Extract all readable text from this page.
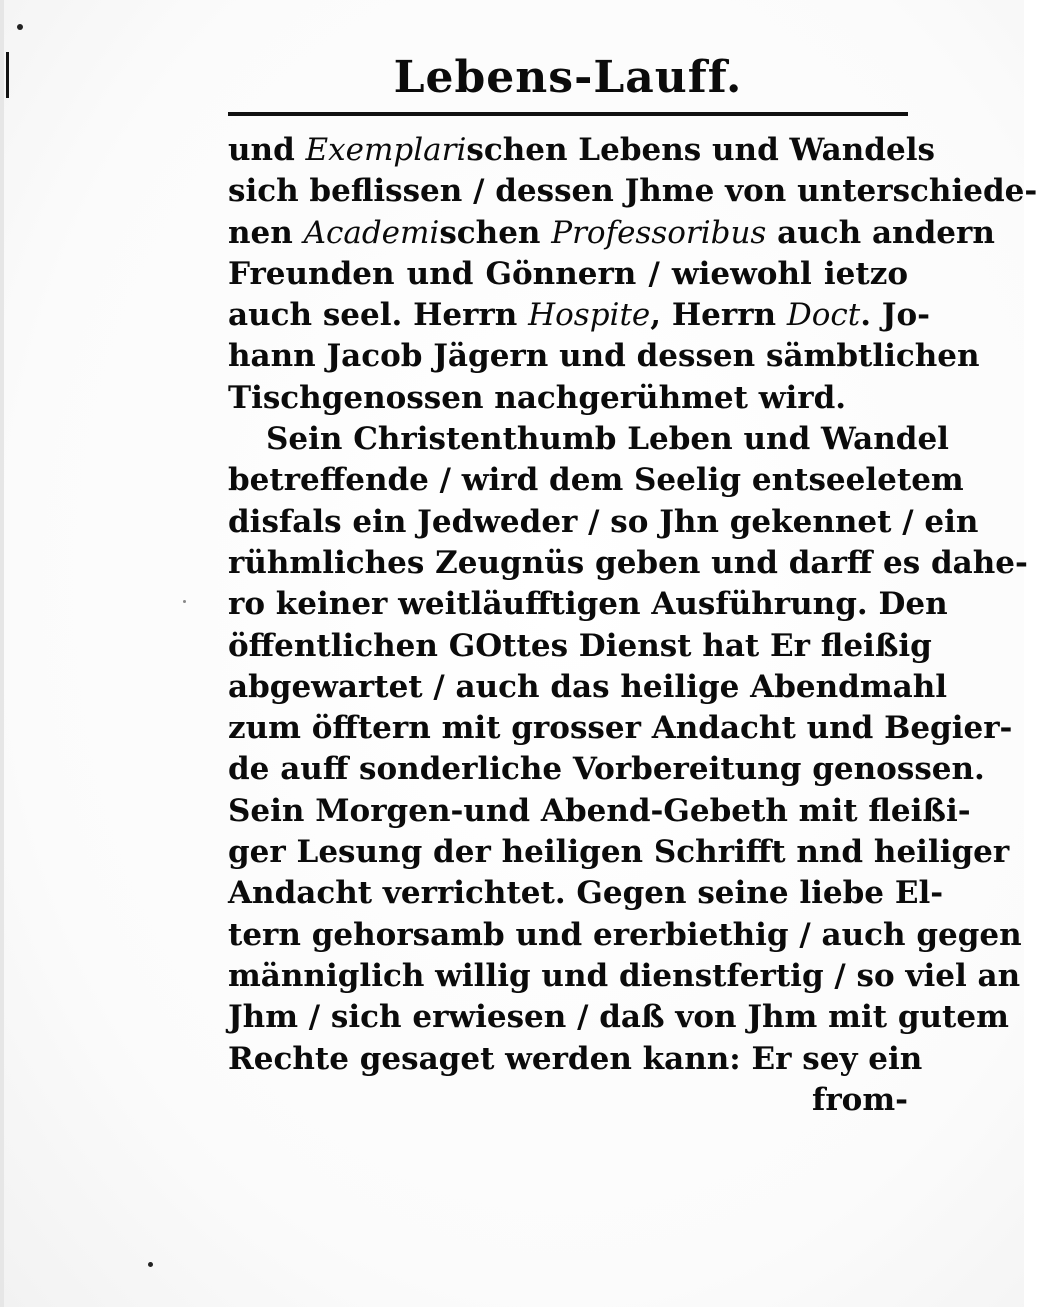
Lebens-Lauff.
und Exemplarischen Lebens und Wandels
sich beflissen / dessen Jhme von unterschiede-
nen Academischen Professoribus auch andern
Freunden und Gönnern / wiewohl ietzo
auch seel. Herrn Hospite, Herrn Doct. Jo-
hann Jacob Jägern und dessen sämbtlichen
Tischgenossen nachgerühmet wird.
Sein Christenthumb Leben und Wandel
betreffende / wird dem Seelig entseeletem
disfals ein Jedweder / so Jhn gekennet / ein
rühmliches Zeugnüs geben und darff es dahe-
ro keiner weitläufftigen Ausführung. Den
öffentlichen GOttes Dienst hat Er fleißig
abgewartet / auch das heilige Abendmahl
zum öfftern mit grosser Andacht und Begier-
de auff sonderliche Vorbereitung genossen.
Sein Morgen-und Abend-Gebeth mit fleißi-
ger Lesung der heiligen Schrifft nnd heiliger
Andacht verrichtet. Gegen seine liebe El-
tern gehorsamb und ererbiethig / auch gegen
männiglich willig und dienstfertig / so viel an
Jhm / sich erwiesen / daß von Jhm mit gutem
Rechte gesaget werden kann: Er sey ein
from-
